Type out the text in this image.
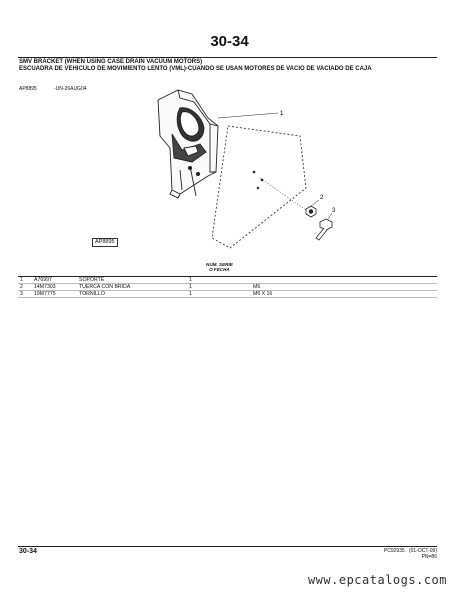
30-34
SMV BRACKET (WHEN USING CASE DRAIN VACUUM MOTORS)
ESCUADRA DE VEHICULO DE MOVIMIENTO LENTO (VML)-CUANDO SE USAN MOTORES DE VACIO DE VACIADO DE CAJA
AP8895	-UN-26AUG04
1
2
3
AP8895
NUM. SERIE
O FECHA
1	A76997	SOPORTE	1	
2	14M7303	TUERCA CON BRIDA	1	M6
3	19M7775	TORNILLO	1	M6 X 16
30-34	PC92935 (01-OCT-09)
PN=86
www.epcatalogs.com
